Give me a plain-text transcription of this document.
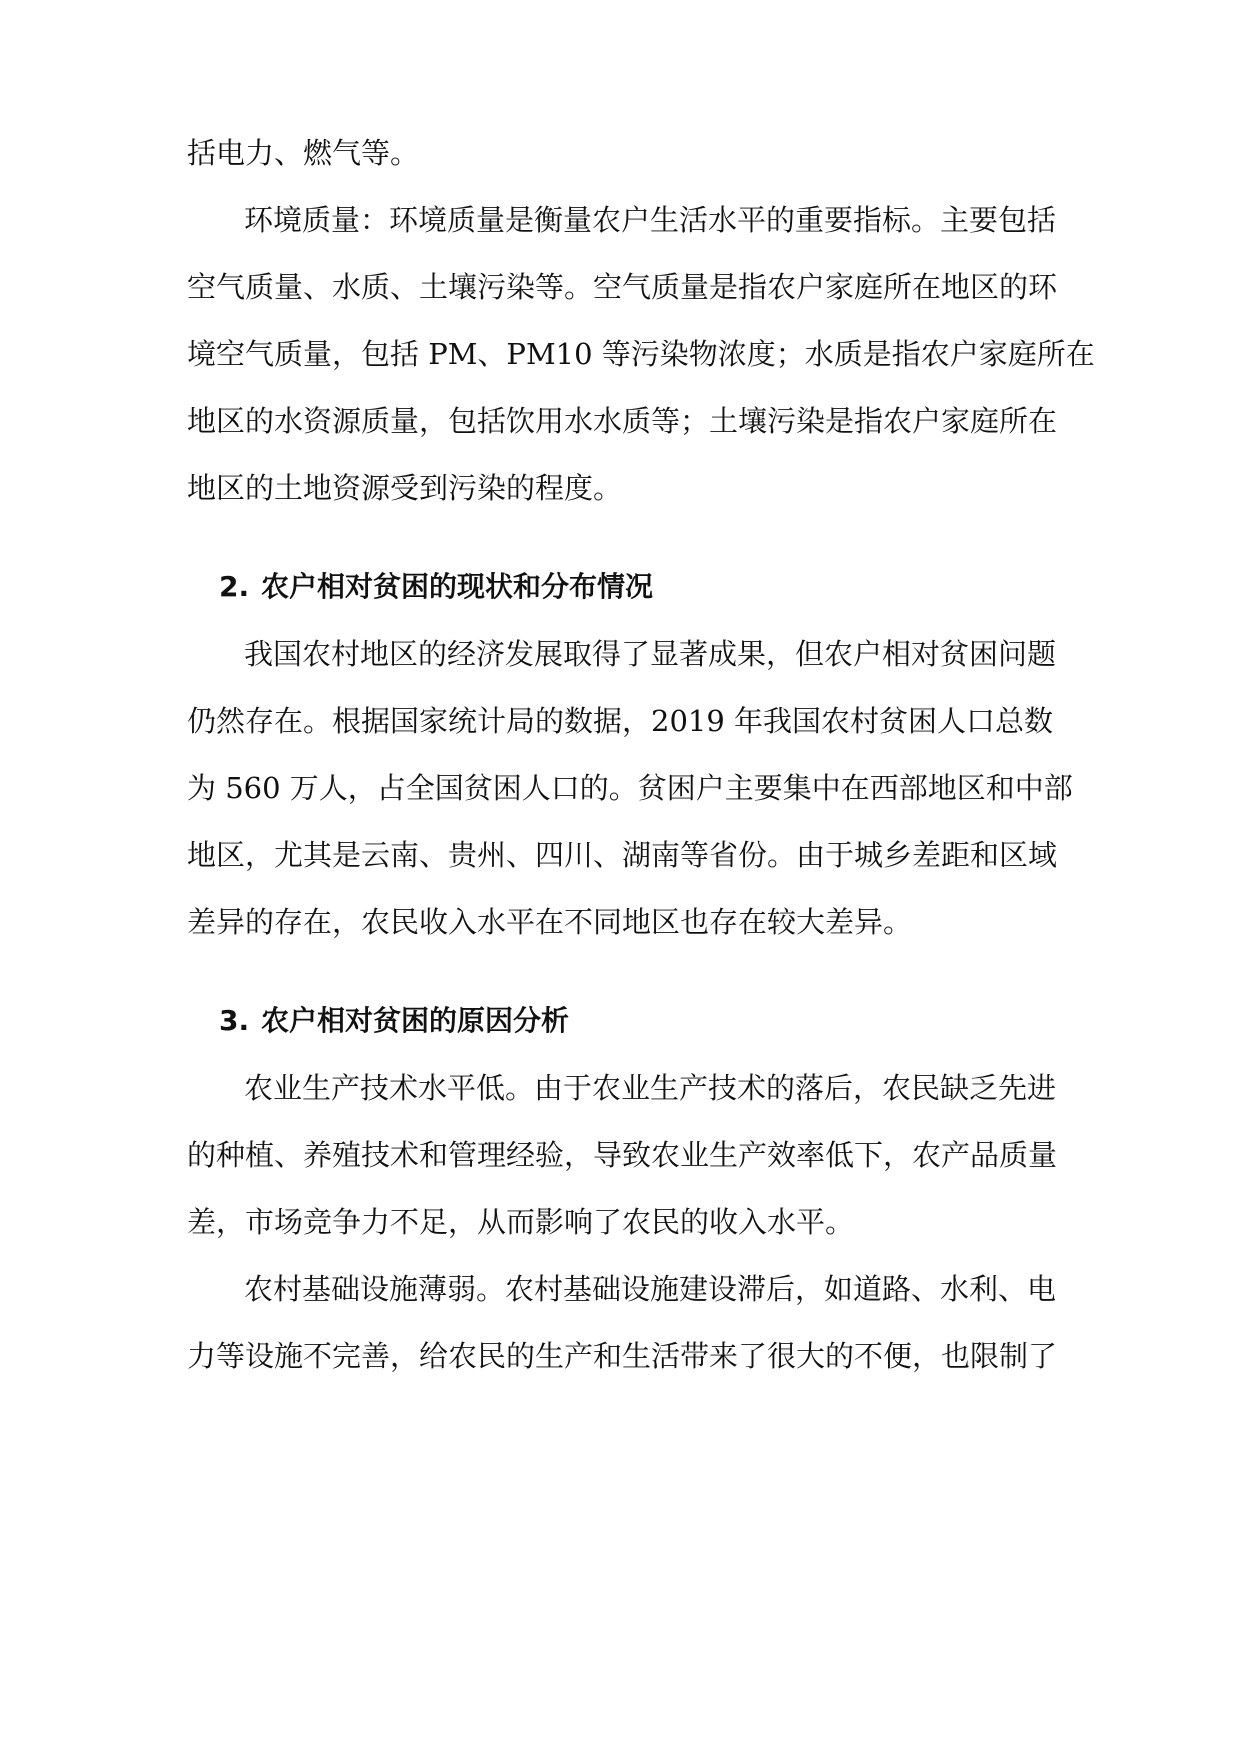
括电力、燃气等。
环境质量：环境质量是衡量农户生活水平的重要指标。主要包括
空气质量、水质、土壤污染等。空气质量是指农户家庭所在地区的环
境空气质量，包括 PM、PM10 等污染物浓度；水质是指农户家庭所在
地区的水资源质量，包括饮用水水质等；土壤污染是指农户家庭所在
地区的土地资源受到污染的程度。
2. 农户相对贫困的现状和分布情况
我国农村地区的经济发展取得了显著成果，但农户相对贫困问题
仍然存在。根据国家统计局的数据，2019 年我国农村贫困人口总数
为 560 万人，占全国贫困人口的。贫困户主要集中在西部地区和中部
地区，尤其是云南、贵州、四川、湖南等省份。由于城乡差距和区域
差异的存在，农民收入水平在不同地区也存在较大差异。
3. 农户相对贫困的原因分析
农业生产技术水平低。由于农业生产技术的落后，农民缺乏先进
的种植、养殖技术和管理经验，导致农业生产效率低下，农产品质量
差，市场竞争力不足，从而影响了农民的收入水平。
农村基础设施薄弱。农村基础设施建设滞后，如道路、水利、电
力等设施不完善，给农民的生产和生活带来了很大的不便，也限制了
